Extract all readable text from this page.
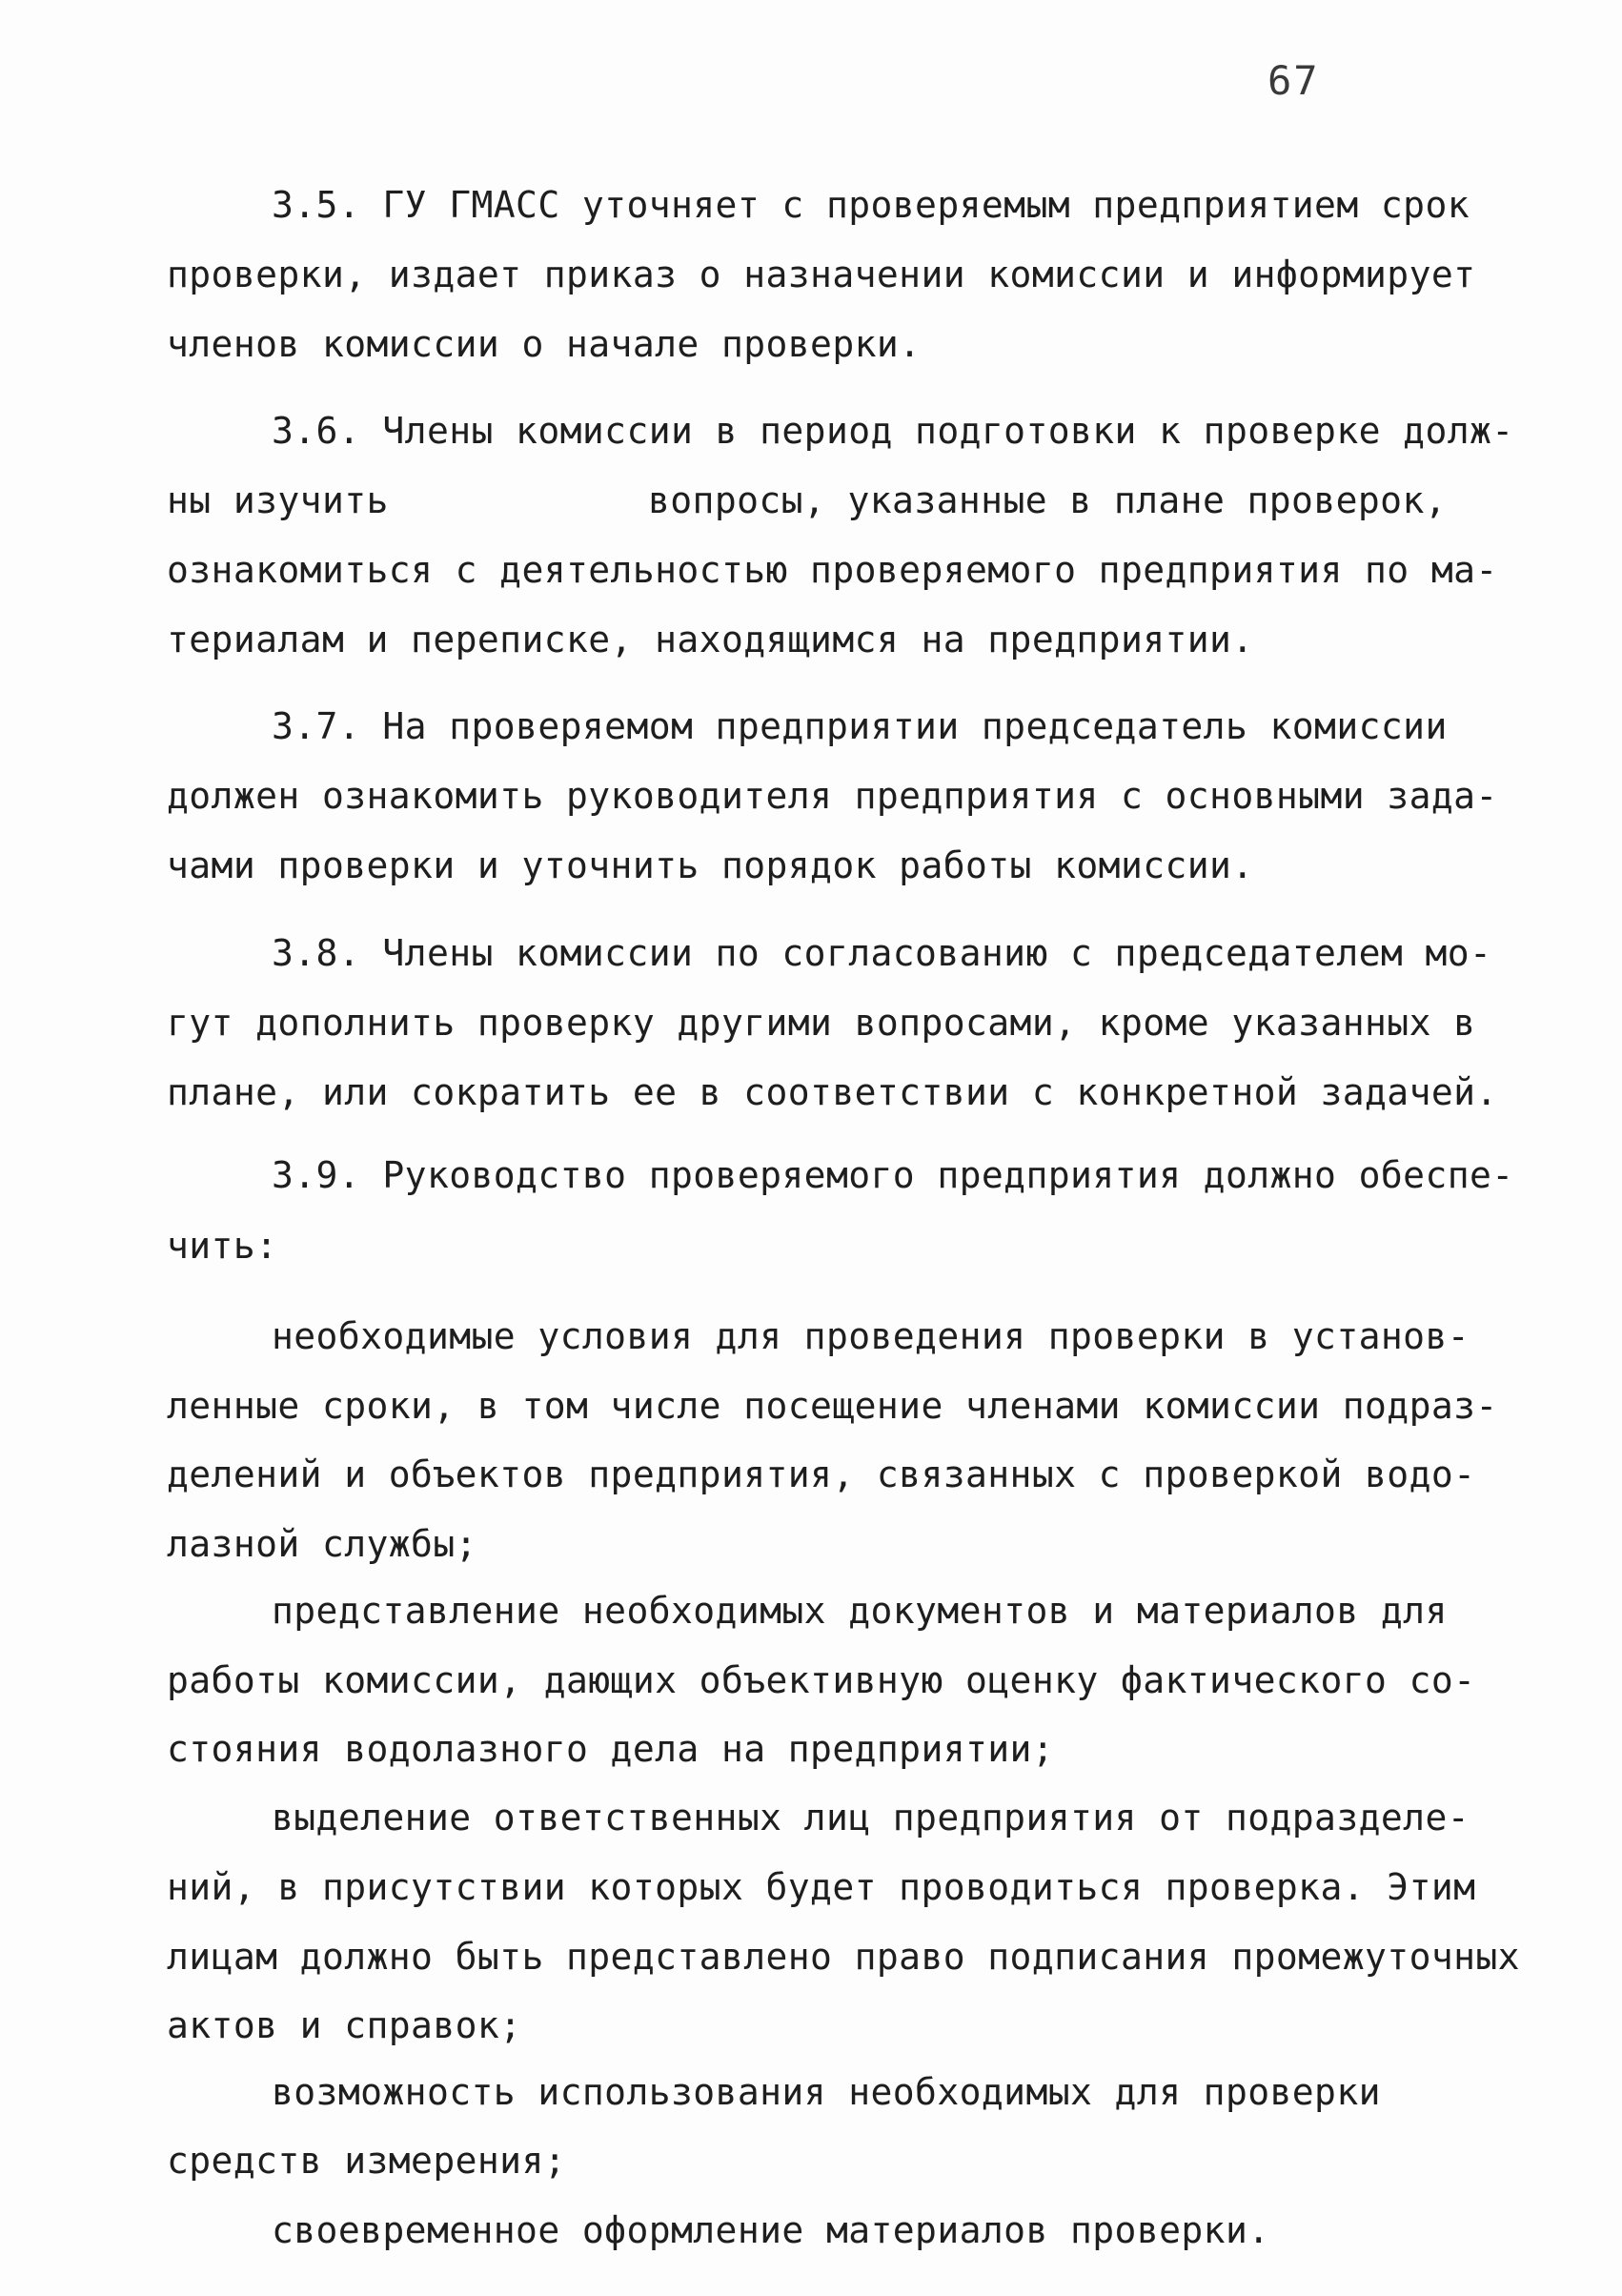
67
3.5. ГУ ГМАСС уточняет с проверяемым предприятием срок
проверки, издает приказ о назначении комиссии и информирует
членов комиссии о начале проверки.
3.6. Члены комиссии в период подготовки к проверке долж-
ны изучить	вопросы, указанные в плане проверок,
ознакомиться с деятельностью проверяемого предприятия по ма-
териалам и переписке, находящимся на предприятии.
3.7. На проверяемом предприятии председатель комиссии
должен ознакомить руководителя предприятия с основными зада-
чами проверки и уточнить порядок работы комиссии.
3.8. Члены комиссии по согласованию с председателем мо-
гут дополнить проверку другими вопросами, кроме указанных в
плане, или сократить ее в соответствии с конкретной задачей.
3.9. Руководство проверяемого предприятия должно обеспе-
чить:
необходимые условия для проведения проверки в установ-
ленные сроки, в том числе посещение членами комиссии подраз-
делений и объектов предприятия, связанных с проверкой водо-
лазной службы;
представление необходимых документов и материалов для
работы комиссии, дающих объективную оценку фактического со-
стояния водолазного дела на предприятии;
выделение ответственных лиц предприятия от подразделе-
ний, в присутствии которых будет проводиться проверка. Этим
лицам должно быть представлено право подписания промежуточных
актов и справок;
возможность использования необходимых для проверки
средств измерения;
своевременное оформление материалов проверки.
